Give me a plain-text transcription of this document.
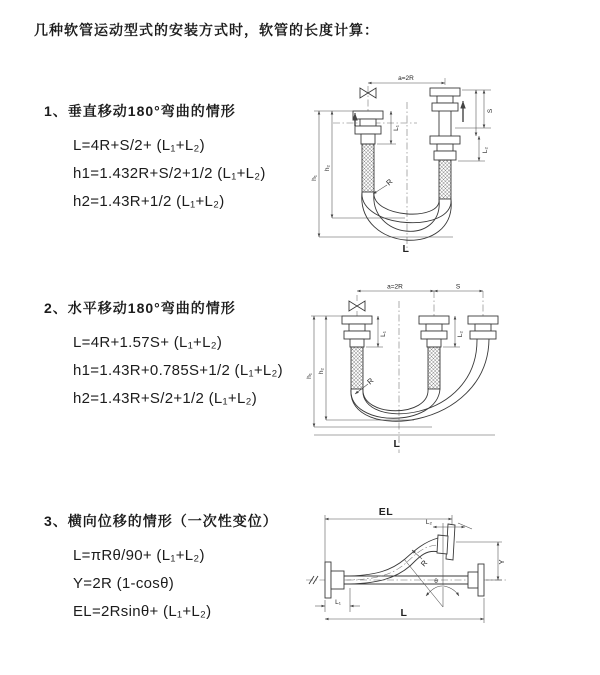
几种软管运动型式的安装方式时，软管的长度计算：

1、垂直移动180°弯曲的情形

L=4R+S/2+ (L₁+L₂)

h1=1.432R+S/2+1/2 (L₁+L₂)

h2=1.43R+1/2 (L₁+L₂)

2、水平移动180°弯曲的情形

L=4R+1.57S+ (L₁+L₂)

h1=1.43R+0.785S+1/2 (L₁+L₂)

h2=1.43R+S/2+1/2 (L₁+L₂)

3、横向位移的情形（一次性变位）

L=πRθ/90+ (L₁+L₂)

Y=2R (1-cosθ)

EL=2Rsinθ+ (L₁+L₂)

a=2R
h₁
h₂
L₁
S
L₂
R
L
a=2R	S
h₁
h₂
L₁	L₂
R
L
θ
EL
L₂
R	Y
L₁
L
